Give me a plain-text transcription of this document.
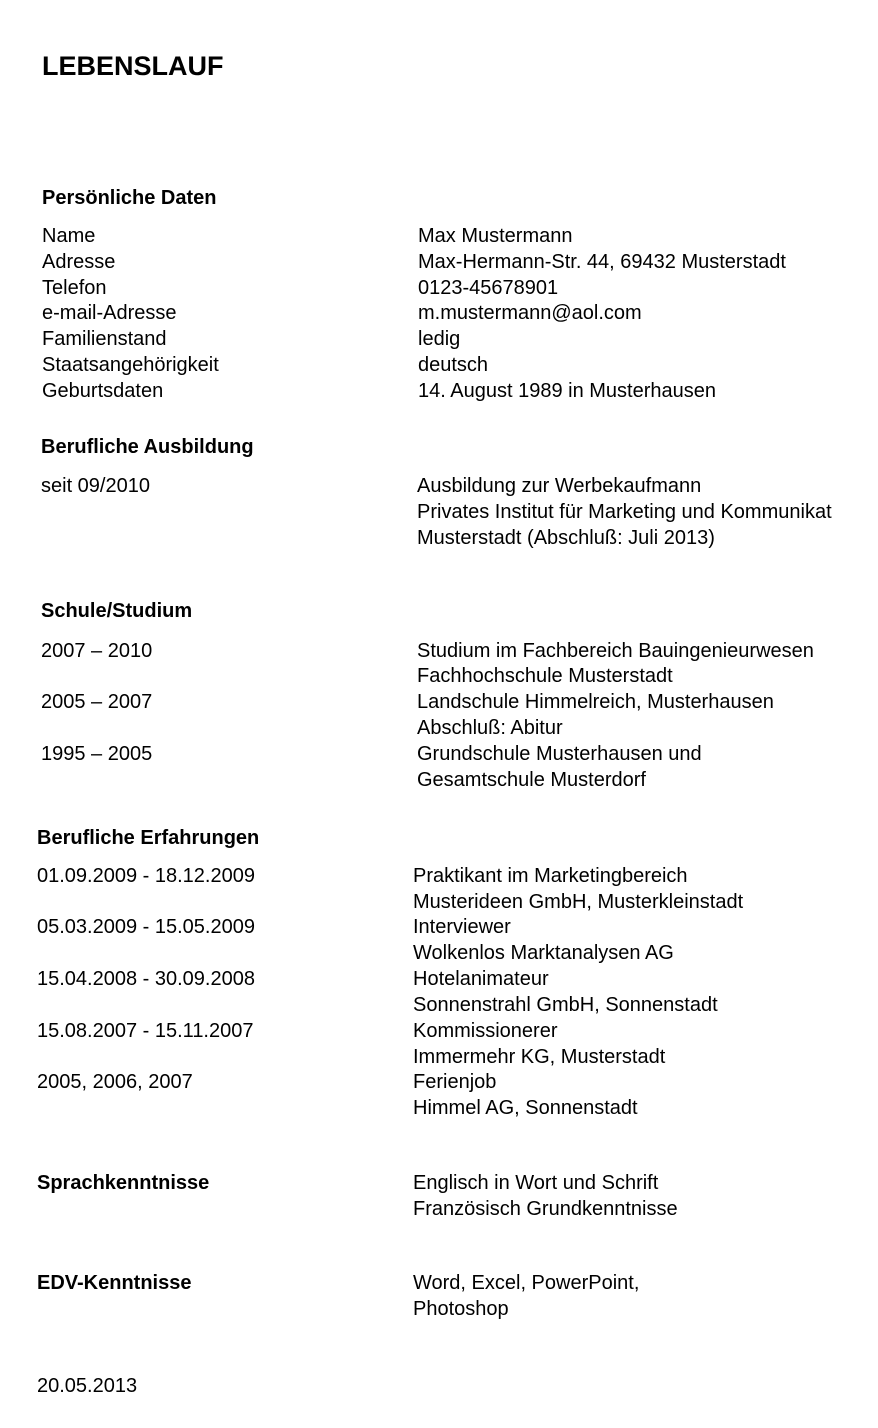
LEBENSLAUF
Persönliche Daten
Name	Max Mustermann
Adresse	Max-Hermann-Str. 44, 69432 Musterstadt
Telefon	0123-45678901
e-mail-Adresse	m.mustermann@aol.com
Familienstand	ledig
Staatsangehörigkeit	deutsch
Geburtsdaten	14. August 1989 in Musterhausen
Berufliche Ausbildung
seit 09/2010	Ausbildung zur Werbekaufmann
Privates Institut für Marketing und Kommunikat
Musterstadt (Abschluß: Juli 2013)
Schule/Studium
2007 – 2010	Studium im Fachbereich Bauingenieurwesen
Fachhochschule Musterstadt
2005 – 2007	Landschule Himmelreich, Musterhausen
Abschluß: Abitur
1995 – 2005	Grundschule Musterhausen und
Gesamtschule Musterdorf
Berufliche Erfahrungen
01.09.2009 - 18.12.2009	Praktikant im Marketingbereich
Musterideen GmbH, Musterkleinstadt
05.03.2009 - 15.05.2009	Interviewer
Wolkenlos Marktanalysen AG
15.04.2008 - 30.09.2008	Hotelanimateur
Sonnenstrahl GmbH, Sonnenstadt
15.08.2007 - 15.11.2007	Kommissionerer
Immermehr KG, Musterstadt
2005, 2006, 2007	Ferienjob
Himmel AG, Sonnenstadt
Sprachkenntnisse	Englisch in Wort und Schrift
Französisch Grundkenntnisse
EDV-Kenntnisse	Word, Excel, PowerPoint,
Photoshop
20.05.2013
